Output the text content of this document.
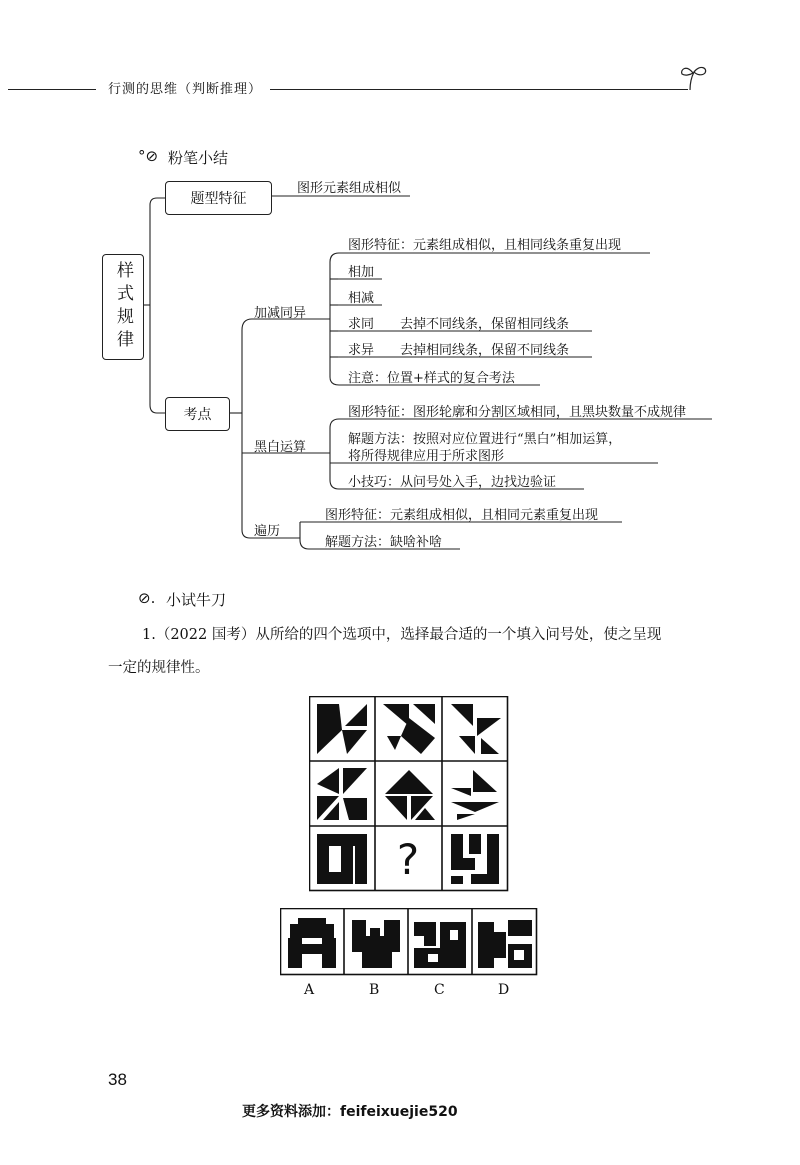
行测的思维（判断推理）
°⊘ 粉笔小结
样式规律
题型特征
考点
图形元素组成相似
加减同异
图形特征：元素组成相似，且相同线条重复出现
相加
相减
求同　　去掉不同线条，保留相同线条
求异　　去掉相同线条，保留不同线条
注意：位置+样式的复合考法
黑白运算
图形特征：图形轮廓和分割区域相同，且黑块数量不成规律
解题方法：按照对应位置进行“黑白”相加运算，
将所得规律应用于所求图形
小技巧：从问号处入手，边找边验证
遍历
图形特征：元素组成相似，且相同元素重复出现
解题方法：缺啥补啥
⊘. 小试牛刀
1.（2022 国考）从所给的四个选项中，选择最合适的一个填入问号处，使之呈现
一定的规律性。
?
A	B	C	D
38
更多资料添加：feifeixuejie520
